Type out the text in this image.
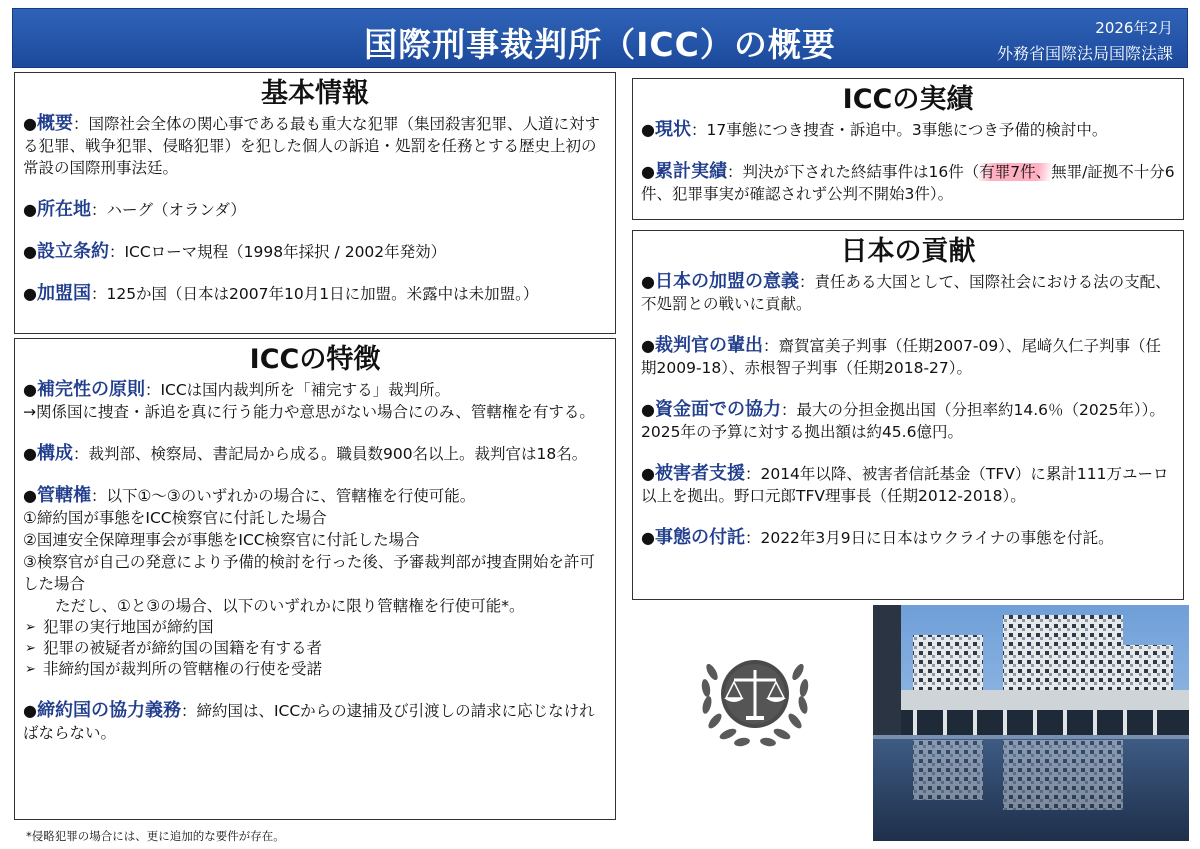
国際刑事裁判所（ICC）の概要	2026年2月
外務省国際法局国際法課
基本情報
●概要：国際社会全体の関心事である最も重大な犯罪（集団殺害犯罪、人道に対する犯罪、戦争犯罪、侵略犯罪）を犯した個人の訴追・処罰を任務とする歴史上初の常設の国際刑事法廷。
●所在地：ハーグ（オランダ）
●設立条約：ICCローマ規程（1998年採択 / 2002年発効）
●加盟国：125か国（日本は2007年10月1日に加盟。米露中は未加盟。）
ICCの特徴
●補完性の原則：ICCは国内裁判所を「補完する」裁判所。
→関係国に捜査・訴追を真に行う能力や意思がない場合にのみ、管轄権を有する。
●構成：裁判部、検察局、書記局から成る。職員数900名以上。裁判官は18名。
●管轄権：以下①～③のいずれかの場合に、管轄権を行使可能。
①締約国が事態をICC検察官に付託した場合
②国連安全保障理事会が事態をICC検察官に付託した場合
③検察官が自己の発意により予備的検討を行った後、予審裁判部が捜査開始を許可した場合
ただし、①と③の場合、以下のいずれかに限り管轄権を行使可能*。
➢ 犯罪の実行地国が締約国
➢ 犯罪の被疑者が締約国の国籍を有する者
➢ 非締約国が裁判所の管轄権の行使を受諾
●締約国の協力義務：締約国は、ICCからの逮捕及び引渡しの請求に応じなければならない。
*侵略犯罪の場合には、更に追加的な要件が存在。
ICCの実績
●現状：17事態につき捜査・訴追中。3事態につき予備的検討中。
●累計実績：判決が下された終結事件は16件（有罪7件、無罪/証拠不十分6件、犯罪事実が確認されず公判不開始3件）。
日本の貢献
●日本の加盟の意義：責任ある大国として、国際社会における法の支配、不処罰との戦いに貢献。
●裁判官の輩出：齋賀富美子判事（任期2007-09）、尾﨑久仁子判事（任期2009-18）、赤根智子判事（任期2018-27）。
●資金面での協力：最大の分担金拠出国（分担率約14.6％（2025年））。2025年の予算に対する拠出額は約45.6億円。
●被害者支援：2014年以降、被害者信託基金（TFV）に累計111万ユーロ以上を拠出。野口元郎TFV理事長（任期2012-2018）。
●事態の付託：2022年3月9日に日本はウクライナの事態を付託。
